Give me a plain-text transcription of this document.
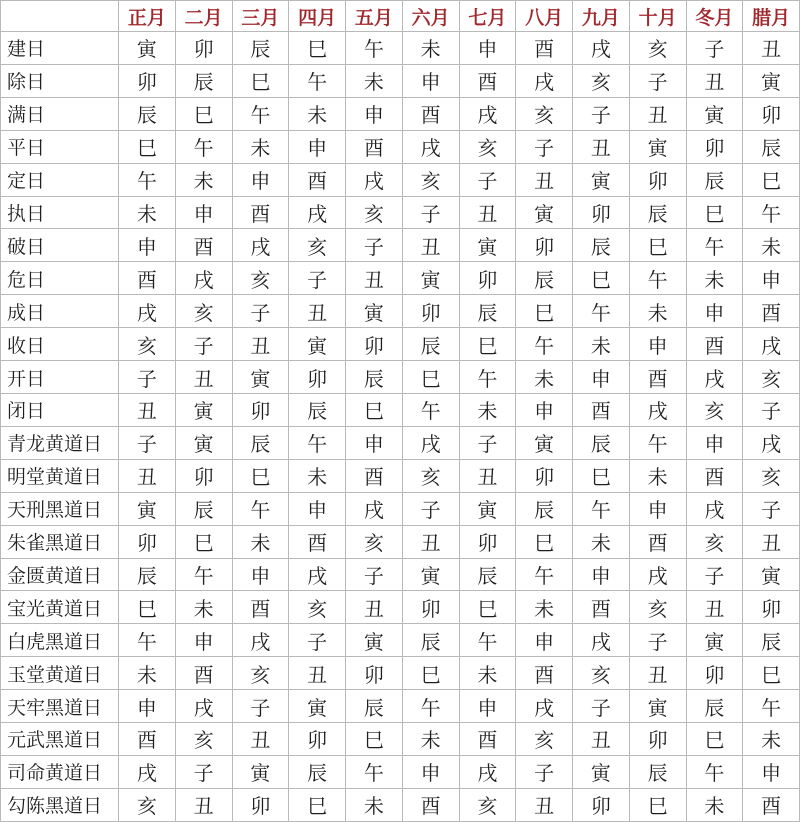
	正月	二月	三月	四月	五月	六月	七月	八月	九月	十月	冬月	腊月
建日	寅	卯	辰	巳	午	未	申	酉	戌	亥	子	丑
除日	卯	辰	巳	午	未	申	酉	戌	亥	子	丑	寅
满日	辰	巳	午	未	申	酉	戌	亥	子	丑	寅	卯
平日	巳	午	未	申	酉	戌	亥	子	丑	寅	卯	辰
定日	午	未	申	酉	戌	亥	子	丑	寅	卯	辰	巳
执日	未	申	酉	戌	亥	子	丑	寅	卯	辰	巳	午
破日	申	酉	戌	亥	子	丑	寅	卯	辰	巳	午	未
危日	酉	戌	亥	子	丑	寅	卯	辰	巳	午	未	申
成日	戌	亥	子	丑	寅	卯	辰	巳	午	未	申	酉
收日	亥	子	丑	寅	卯	辰	巳	午	未	申	酉	戌
开日	子	丑	寅	卯	辰	巳	午	未	申	酉	戌	亥
闭日	丑	寅	卯	辰	巳	午	未	申	酉	戌	亥	子
青龙黄道日	子	寅	辰	午	申	戌	子	寅	辰	午	申	戌
明堂黄道日	丑	卯	巳	未	酉	亥	丑	卯	巳	未	酉	亥
天刑黑道日	寅	辰	午	申	戌	子	寅	辰	午	申	戌	子
朱雀黑道日	卯	巳	未	酉	亥	丑	卯	巳	未	酉	亥	丑
金匮黄道日	辰	午	申	戌	子	寅	辰	午	申	戌	子	寅
宝光黄道日	巳	未	酉	亥	丑	卯	巳	未	酉	亥	丑	卯
白虎黑道日	午	申	戌	子	寅	辰	午	申	戌	子	寅	辰
玉堂黄道日	未	酉	亥	丑	卯	巳	未	酉	亥	丑	卯	巳
天牢黑道日	申	戌	子	寅	辰	午	申	戌	子	寅	辰	午
元武黑道日	酉	亥	丑	卯	巳	未	酉	亥	丑	卯	巳	未
司命黄道日	戌	子	寅	辰	午	申	戌	子	寅	辰	午	申
勾陈黑道日	亥	丑	卯	巳	未	酉	亥	丑	卯	巳	未	酉
